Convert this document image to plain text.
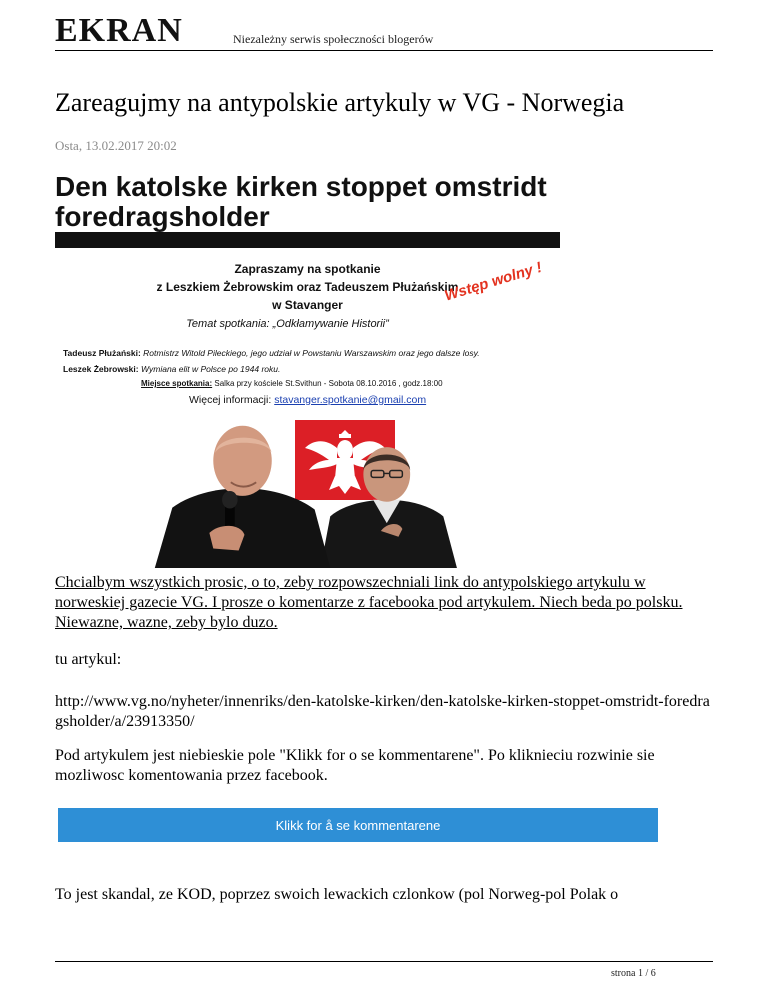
EKRAN	Niezależny serwis społeczności blogerów
Zareagujmy na antypolskie artykuly w VG - Norwegia
Osta, 13.02.2017 20:02
Den katolske kirken stoppet omstridt foredragsholder
Zapraszamy na spotkanie
z Leszkiem Żebrowskim oraz Tadeuszem Płużańskim
w Stavanger
Temat spotkania: „Odkłamywanie Historii”
Wstęp wolny !
Tadeusz Płużański: Rotmistrz Witold Pileckiego, jego udział w Powstaniu Warszawskim oraz jego dalsze losy.
Leszek Żebrowski: Wymiana elit w Polsce po 1944 roku.
Miejsce spotkania: Salka przy kościele St.Svithun - Sobota 08.10.2016 , godz.18:00
Więcej informacji: stavanger.spotkanie@gmail.com
Chcialbym wszystkich prosic, o to, zeby rozpowszechniali link do antypolskiego artykulu w norweskiej gazecie VG. I prosze o komentarze z facebooka pod artykulem. Niech beda po polsku. Niewazne, wazne, zeby bylo duzo.
tu artykul:
http://www.vg.no/nyheter/innenriks/den-katolske-kirken/den-katolske-kirken-stoppet-omstridt-foredragsholder/a/23913350/
Pod artykulem jest niebieskie pole "Klikk for o se kommentarene". Po kliknieciu rozwinie sie mozliwosc komentowania przez facebook.
Klikk for å se kommentarene
To jest skandal, ze KOD, poprzez swoich lewackich czlonkow (pol Norweg-pol Polak o
strona 1 / 6
